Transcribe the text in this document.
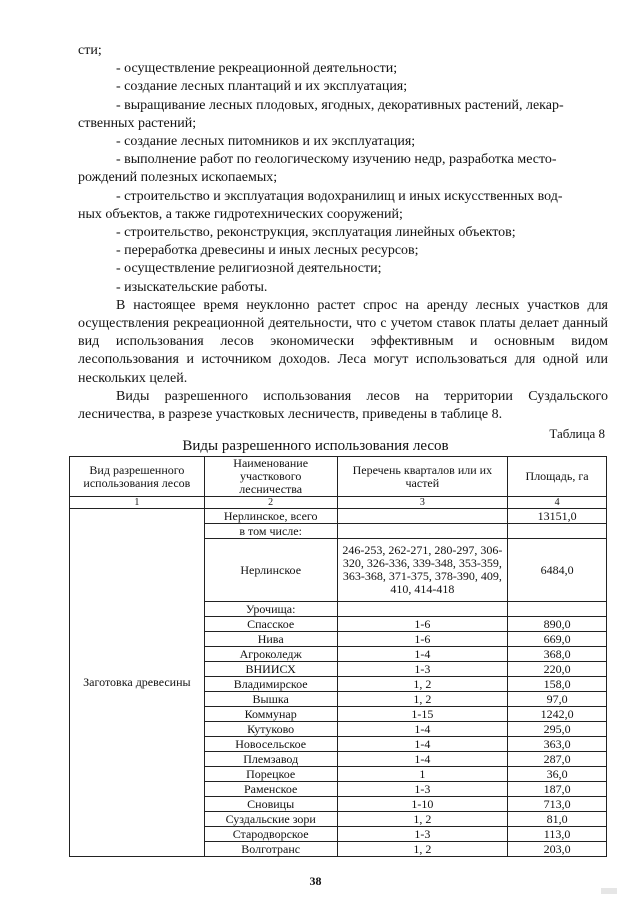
сти;
- осуществление рекреационной деятельности;
- создание лесных плантаций и их эксплуатация;
- выращивание лесных плодовых, ягодных, декоративных растений, лекар-
ственных растений;
- создание лесных питомников и их эксплуатация;
- выполнение работ по геологическому изучению недр, разработка место-
рождений полезных ископаемых;
- строительство и эксплуатация водохранилищ и иных искусственных вод-
ных объектов, а также гидротехнических сооружений;
- строительство, реконструкция, эксплуатация линейных объектов;
- переработка древесины и иных лесных ресурсов;
- осуществление религиозной деятельности;
- изыскательские работы.

В настоящее время неуклонно растет спрос на аренду лесных участков для осуществления рекреационной деятельности, что с учетом ставок платы делает данный вид использования лесов экономически эффективным и основным видом лесопользования и источником доходов. Леса могут использоваться для одной или нескольких целей.

Виды разрешенного использования лесов на территории Суздальского лесничества, в разрезе участковых лесничеств, приведены в таблице 8.

Таблица 8
Виды разрешенного использования лесов
Вид разрешенного использования лесов	Наименование участкового лесничества	Перечень кварталов или их частей	Площадь, га
1	2	3	4
Заготовка древесины	Нерлинское, всего		13151,0
	в том числе:		
	Нерлинское	246-253, 262-271, 280-297, 306-320, 326-336, 339-348, 353-359, 363-368, 371-375, 378-390, 409, 410, 414-418	6484,0
	Урочища:		
	Спасское	1-6	890,0
	Нива	1-6	669,0
	Агроколедж	1-4	368,0
	ВНИИСХ	1-3	220,0
	Владимирское	1, 2	158,0
	Вышка	1, 2	97,0
	Коммунар	1-15	1242,0
	Кутуково	1-4	295,0
	Новосельское	1-4	363,0
	Племзавод	1-4	287,0
	Порецкое	1	36,0
	Раменское	1-3	187,0
	Сновицы	1-10	713,0
	Суздальские зори	1, 2	81,0
	Стародворское	1-3	113,0
	Волготранс	1, 2	203,0
38
